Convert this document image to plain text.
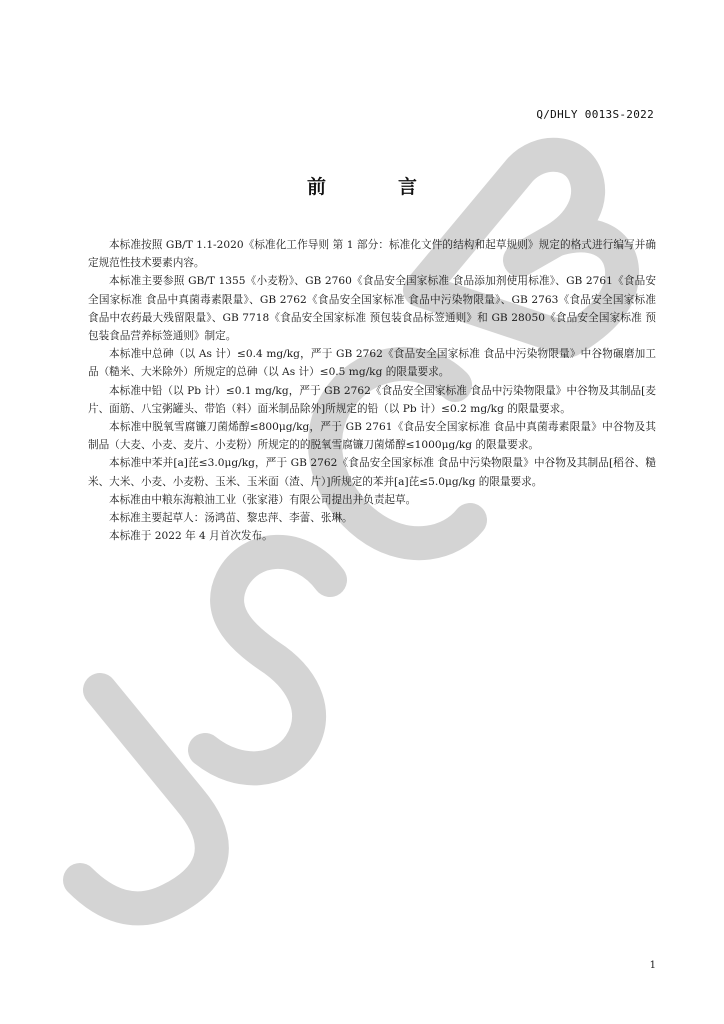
Q/DHLY 0013S-2022
前言

本标准按照 GB/T 1.1-2020《标准化工作导则 第 1 部分：标准化文件的结构和起草规则》规定的格式进行编写并确定规范性技术要素内容。

本标准主要参照 GB/T 1355《小麦粉》、GB 2760《食品安全国家标准 食品添加剂使用标准》、GB 2761《食品安全国家标准 食品中真菌毒素限量》、GB 2762《食品安全国家标准 食品中污染物限量》、GB 2763《食品安全国家标准 食品中农药最大残留限量》、GB 7718《食品安全国家标准 预包装食品标签通则》和 GB 28050《食品安全国家标准 预包装食品营养标签通则》制定。

本标准中总砷（以 As 计）≤0.4 mg/kg，严于 GB 2762《食品安全国家标准 食品中污染物限量》中谷物碾磨加工品（糙米、大米除外）所规定的总砷（以 As 计）≤0.5 mg/kg 的限量要求。

本标准中铅（以 Pb 计）≤0.1 mg/kg，严于 GB 2762《食品安全国家标准 食品中污染物限量》中谷物及其制品[麦片、面筋、八宝粥罐头、带馅（料）面米制品除外]所规定的铅（以 Pb 计）≤0.2 mg/kg 的限量要求。

本标准中脱氧雪腐镰刀菌烯醇≤800μg/kg，严于 GB 2761《食品安全国家标准 食品中真菌毒素限量》中谷物及其制品（大麦、小麦、麦片、小麦粉）所规定的的脱氧雪腐镰刀菌烯醇≤1000μg/kg 的限量要求。

本标准中苯并[a]芘≤3.0μg/kg，严于 GB 2762《食品安全国家标准 食品中污染物限量》中谷物及其制品[稻谷、糙米、大米、小麦、小麦粉、玉米、玉米面（渣、片）]所规定的苯并[a]芘≤5.0μg/kg 的限量要求。

本标准由中粮东海粮油工业（张家港）有限公司提出并负责起草。

本标准主要起草人：汤鸿苗、黎忠萍、李蕾、张琳。

本标准于 2022 年 4 月首次发布。

1
